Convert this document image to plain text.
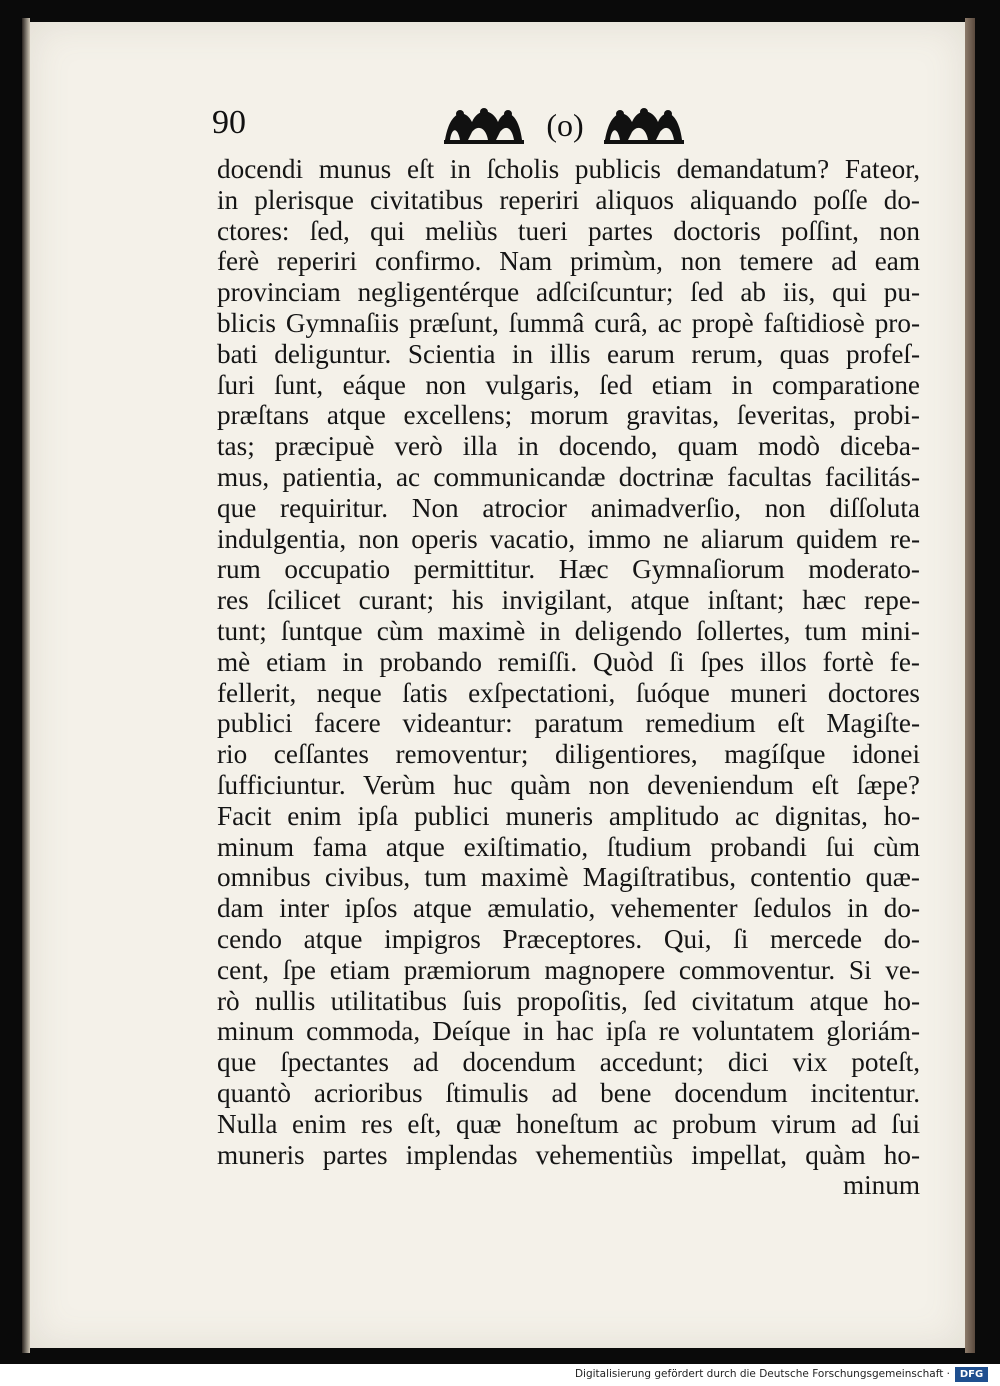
90	(o)
docendi munus eſt in ſcholis publicis demandatum? Fateor,
in plerisque civitatibus reperiri aliquos aliquando poſſe do-
ctores: ſed, qui meliùs tueri partes doctoris poſſint, non
ferè reperiri confirmo. Nam primùm, non temere ad eam
provinciam negligentérque adſciſcuntur; ſed ab iis, qui pu-
blicis Gymnaſiis præſunt, ſummâ curâ, ac propè faſtidiosè pro-
bati deliguntur. Scientia in illis earum rerum, quas profeſ-
ſuri ſunt, eáque non vulgaris, ſed etiam in comparatione
præſtans atque excellens; morum gravitas, ſeveritas, probi-
tas; præcipuè verò illa in docendo, quam modò diceba-
mus, patientia, ac communicandæ doctrinæ facultas facilitás-
que requiritur. Non atrocior animadverſio, non diſſoluta
indulgentia, non operis vacatio, immo ne aliarum quidem re-
rum occupatio permittitur. Hæc Gymnaſiorum moderato-
res ſcilicet curant; his invigilant, atque inſtant; hæc repe-
tunt; ſuntque cùm maximè in deligendo ſollertes, tum mini-
mè etiam in probando remiſſi. Quòd ſi ſpes illos fortè fe-
fellerit, neque ſatis exſpectationi, ſuóque muneri doctores
publici facere videantur: paratum remedium eſt Magiſte-
rio ceſſantes removentur; diligentiores, magíſque idonei
ſufficiuntur. Verùm huc quàm non deveniendum eſt ſæpe?
Facit enim ipſa publici muneris amplitudo ac dignitas, ho-
minum fama atque exiſtimatio, ſtudium probandi ſui cùm
omnibus civibus, tum maximè Magiſtratibus, contentio quæ-
dam inter ipſos atque æmulatio, vehementer ſedulos in do-
cendo atque impigros Præceptores. Qui, ſi mercede do-
cent, ſpe etiam præmiorum magnopere commoventur. Si ve-
rò nullis utilitatibus ſuis propoſitis, ſed civitatum atque ho-
minum commoda, Deíque in hac ipſa re voluntatem gloriám-
que ſpectantes ad docendum accedunt; dici vix poteſt,
quantò acrioribus ſtimulis ad bene docendum incitentur.
Nulla enim res eſt, quæ honeſtum ac probum virum ad ſui
muneris partes implendas vehementiùs impellat, quàm ho-
minum
Digitalisierung gefördert durch die Deutsche Forschungsgemeinschaft · DFG
